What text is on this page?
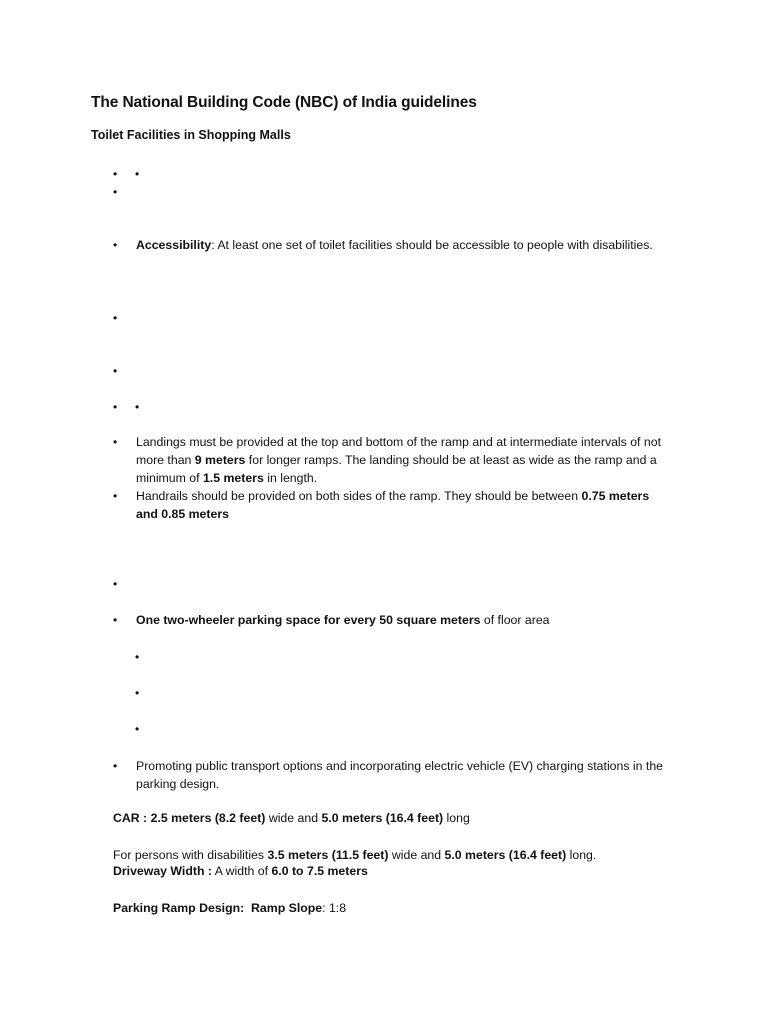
The National Building Code (NBC) of India guidelines
Toilet Facilities in Shopping Malls
• •
•
• Accessibility: At least one set of toilet facilities should be accessible to people with disabilities.
•
•
• •
• Landings must be provided at the top and bottom of the ramp and at intermediate intervals of not more than 9 meters for longer ramps. The landing should be at least as wide as the ramp and a minimum of 1.5 meters in length.
• Handrails should be provided on both sides of the ramp. They should be between 0.75 meters and 0.85 meters
•
• One two-wheeler parking space for every 50 square meters of floor area
•
•
•
• Promoting public transport options and incorporating electric vehicle (EV) charging stations in the parking design.
CAR : 2.5 meters (8.2 feet) wide and 5.0 meters (16.4 feet) long
For persons with disabilities 3.5 meters (11.5 feet) wide and 5.0 meters (16.4 feet) long.
Driveway Width : A width of 6.0 to 7.5 meters
Parking Ramp Design: Ramp Slope: 1:8
